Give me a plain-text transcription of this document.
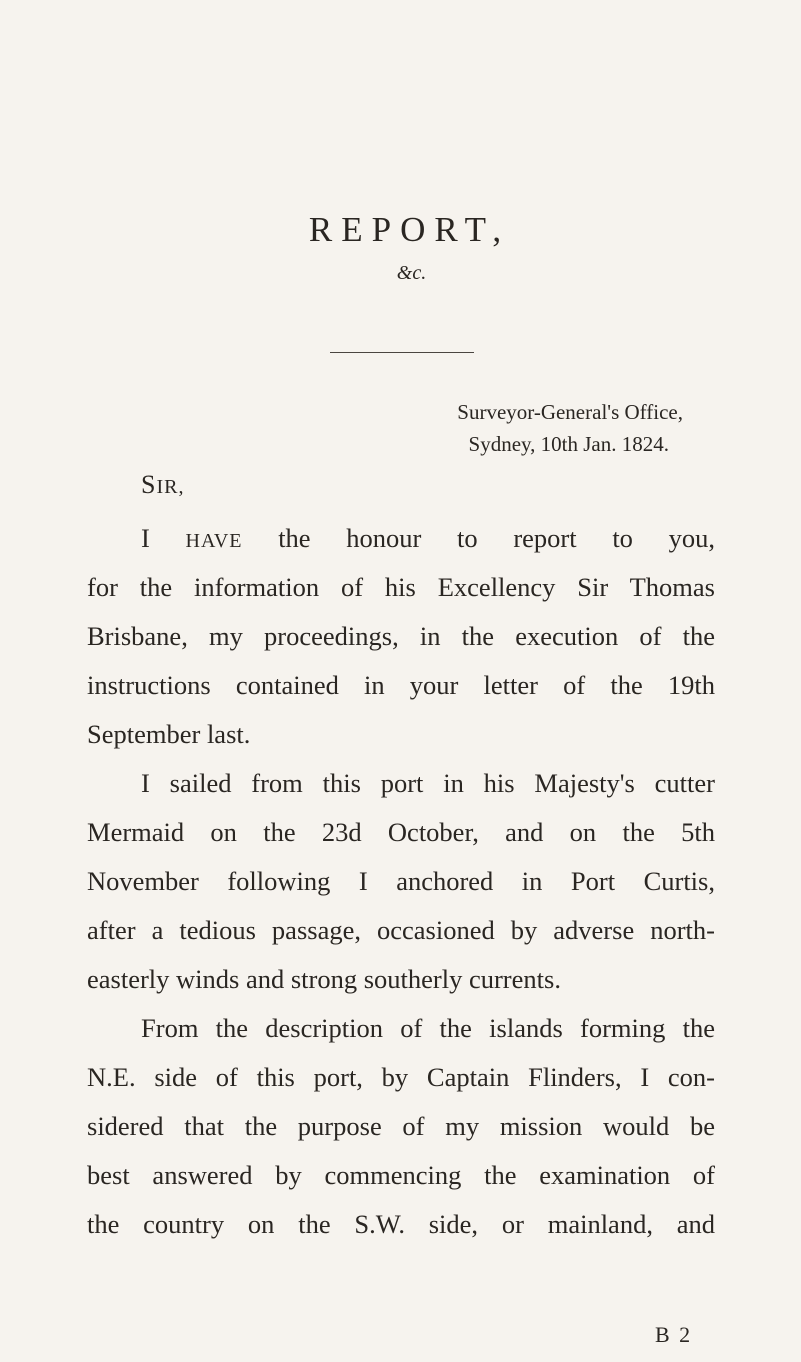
REPORT,
&c.
Surveyor-General's Office,
Sydney, 10th Jan. 1824.
SIR,
I HAVE the honour to report to you,
for the information of his Excellency Sir Thomas
Brisbane, my proceedings, in the execution of the
instructions contained in your letter of the 19th
September last.
I sailed from this port in his Majesty's cutter
Mermaid on the 23d October, and on the 5th
November following I anchored in Port Curtis,
after a tedious passage, occasioned by adverse north-
easterly winds and strong southerly currents.
From the description of the islands forming the
N.E. side of this port, by Captain Flinders, I con-
sidered that the purpose of my mission would be
best answered by commencing the examination of
the country on the S.W. side, or mainland, and
B 2
